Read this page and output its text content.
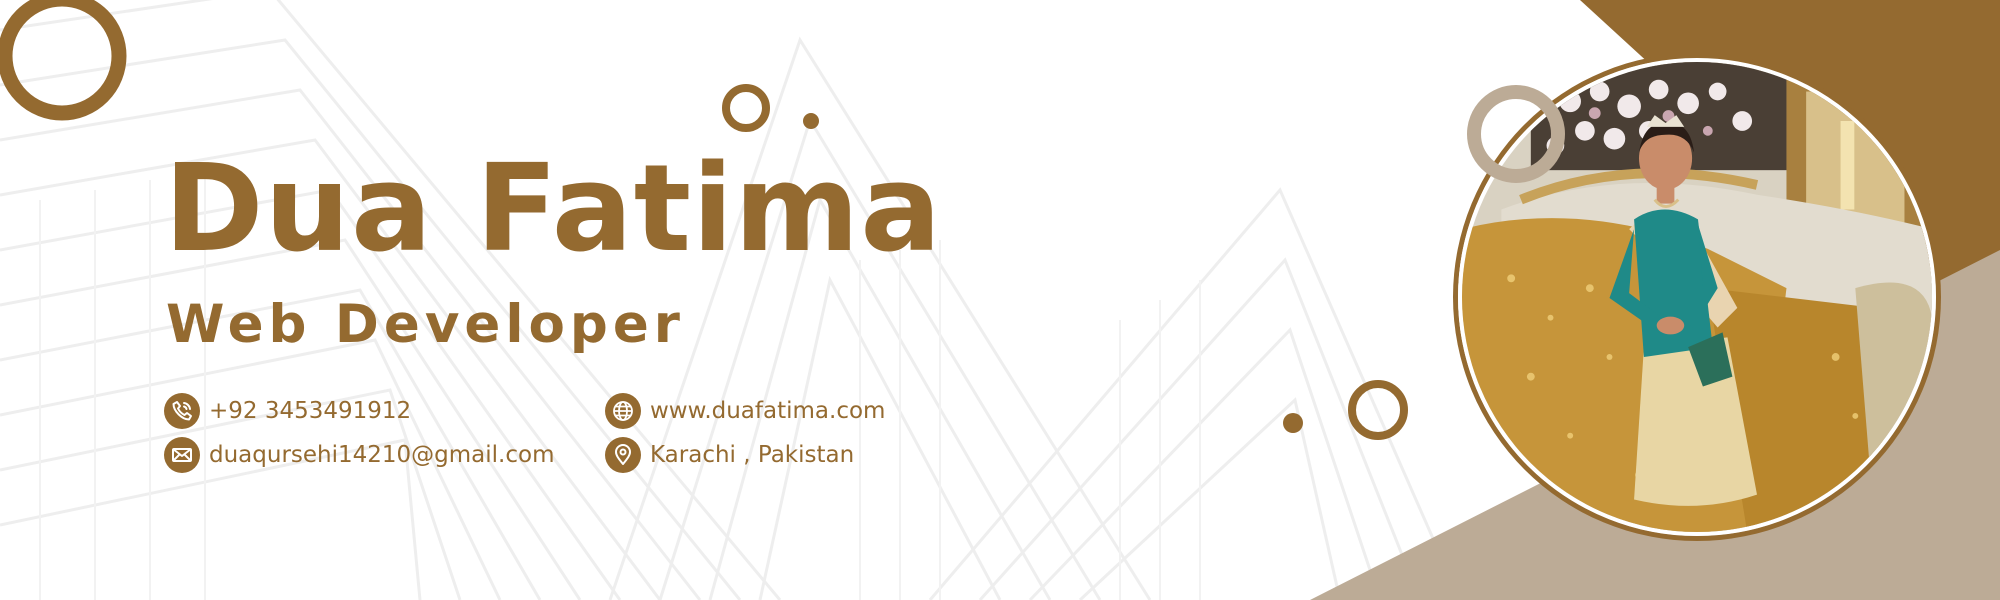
Dua Fatima
Web Developer
+92 3453491912
duaqursehi14210@gmail.com
www.duafatima.com
Karachi , Pakistan
